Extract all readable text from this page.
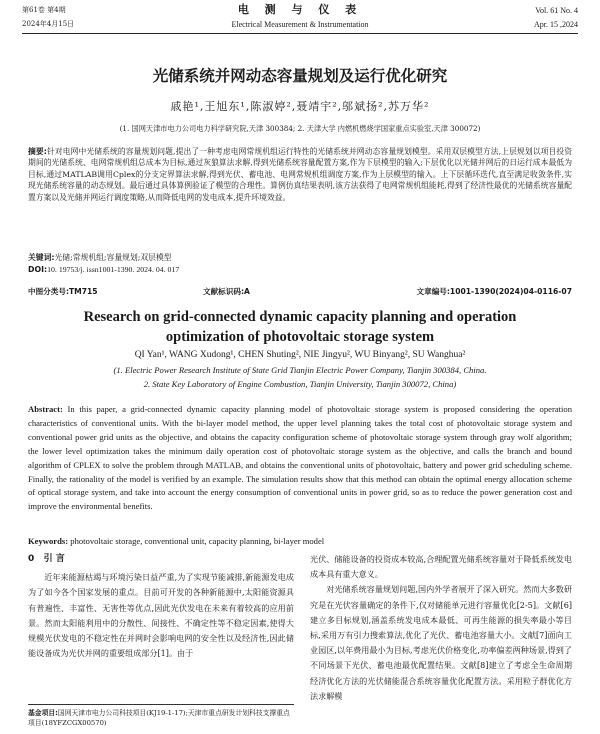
第61卷 第4期	电 测 与 仪 表	Vol. 61 No. 4
2024年4月15日	Electrical Measurement & Instrumentation	Apr. 15 ,2024
光储系统并网动态容量规划及运行优化研究
戚艳¹,王旭东¹,陈淑婷²,聂靖宇²,邬斌扬²,苏万华²
(1. 国网天津市电力公司电力科学研究院,天津 300384; 2. 天津大学 内燃机燃烧学国家重点实验室,天津 300072)
摘要:针对电网中光储系统的容量规划问题,提出了一种考虑电网常规机组运行特性的光储系统并网动态容量规划模型。采用双层模型方法,上层规划以项目投资期间的光储系统、电网常规机组总成本为目标,通过灰狼算法求解,得到光储系统容量配置方案,作为下层模型的输入;下层优化以光储并网后的日运行成本最低为目标,通过MATLAB调用Cplex的分支定界算法求解,得到光伏、蓄电池、电网常规机组调度方案,作为上层模型的输入。上下层循环迭代,直至满足收敛条件,实现光储系统容量的动态规划。最后通过具体算例验证了模型的合理性。算例仿真结果表明,该方法获得了电网常规机组能耗,得到了经济性最优的光储系统容量配置方案以及光储并网运行调度策略,从而降低电网的发电成本,提升环境效益。
关键词:光储;常规机组;容量规划;双层模型
DOI:10. 19753/j. issn1001-1390. 2024. 04. 017
中图分类号:TM715	文献标识码:A	文章编号:1001-1390(2024)04-0116-07
Research on grid-connected dynamic capacity planning and operation
optimization of photovoltaic storage system
QI Yan¹, WANG Xudong¹, CHEN Shuting², NIE Jingyu², WU Binyang², SU Wanghua²
(1. Electric Power Research Institute of State Grid Tianjin Electric Power Company, Tianjin 300384, China.
2. State Key Laboratory of Engine Combustion, Tianjin University, Tianjin 300072, China)
Abstract: In this paper, a grid-connected dynamic capacity planning model of photovoltaic storage system is proposed considering the operation characteristics of conventional units. With the bi-layer model method, the upper level planning takes the total cost of photovoltaic storage system and conventional power grid units as the objective, and obtains the capacity configuration scheme of photovoltaic storage system through gray wolf algorithm; the lower level optimization takes the minimum daily operation cost of photovoltaic storage system as the objective, and calls the branch and bound algorithm of CPLEX to solve the problem through MATLAB, and obtains the conventional units of photovoltaic, battery and power grid scheduling scheme. Finally, the rationality of the model is verified by an example. The simulation results show that this method can obtain the optimal energy allocation scheme of optical storage system, and take into account the energy consumption of conventional units in power grid, so as to reduce the power generation cost and improve the environmental benefits.
Keywords: photovoltaic storage, conventional unit, capacity planning, bi-layer model
0 引 言

近年来能源枯竭与环境污染日益严重,为了实现节能减排,新能源发电成为了如今各个国家发展的重点。目前可开发的各种新能源中,太阳能资源具有普遍性、丰富性、无害性等优点,因此光伏发电在未来有着较高的应用前景。然而太阳能利用中的分散性、间接性、不确定性等不稳定因素,使得大规模光伏发电的不稳定性在并网时会影响电网的安全性以及经济性,因此储能设备成为光伏并网的重要组成部分[1]。由于

光伏、储能设备的投资成本较高,合理配置光储系统容量对于降低系统发电成本具有重大意义。

对光储系统容量规划问题,国内外学者展开了深入研究。然而大多数研究是在光伏容量确定的条件下,仅对储能单元进行容量优化[2-5]。文献[6]建立多目标规划,涵盖系统发电成本最低、可再生能源的损失率最小等目标,采用万有引力搜索算法,优化了光伏、蓄电池容量大小。文献[7]面向工业园区,以年费用最小为目标,考虑光伏价格变化,功率偏差两种场景,得到了不同场景下光伏、蓄电池最优配置结果。文献[8]建立了考虑全生命周期经济优化方法的光伏储能混合系统容量优化配置方法。采用粒子群优化方法求解模

基金项目:国网天津市电力公司科技项目(KJ19-1-17);天津市重点研发计划科技支撑重点项目(18YFZCGX00570)
